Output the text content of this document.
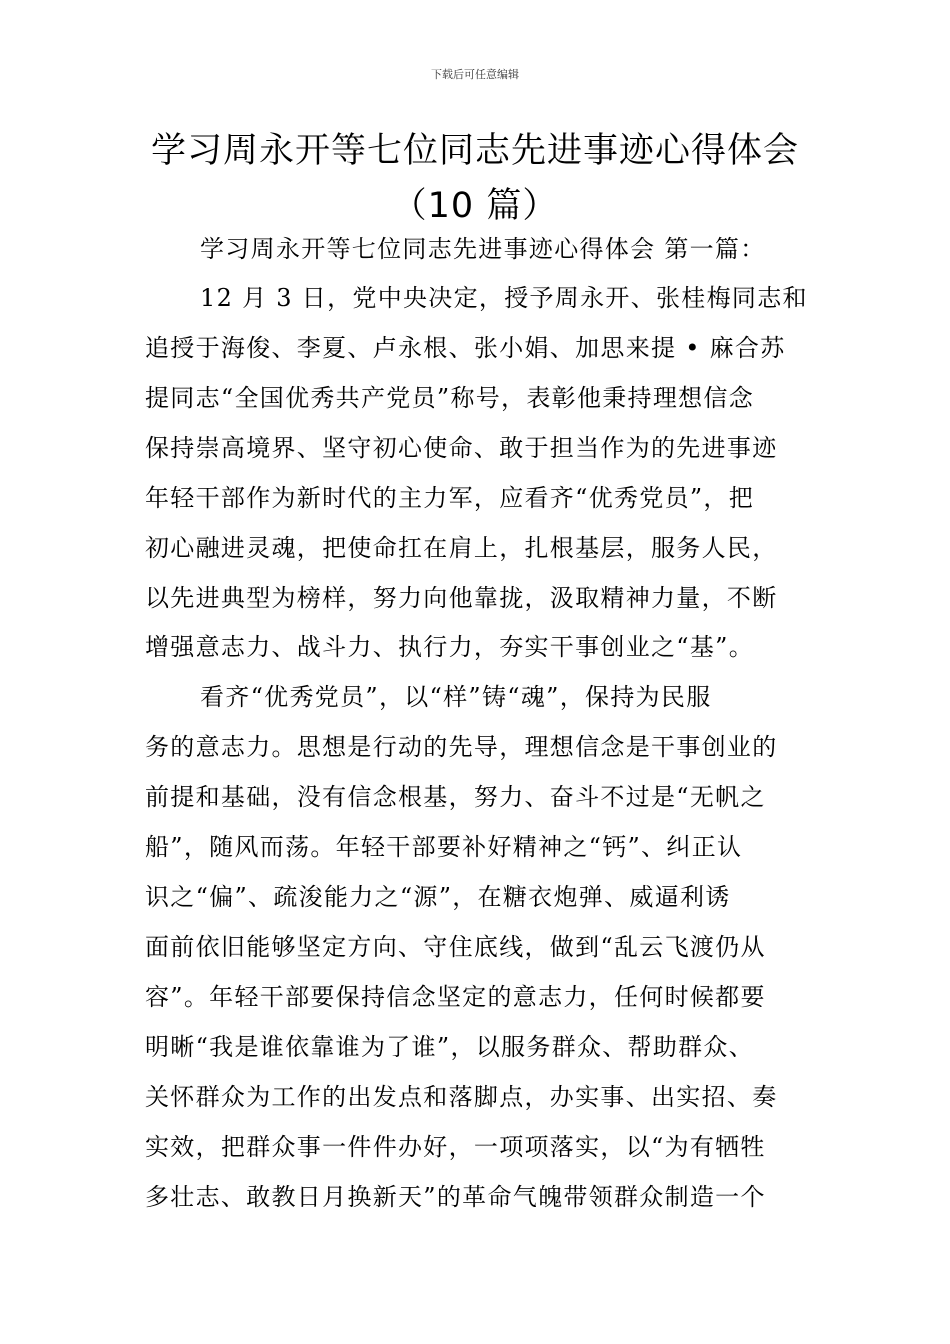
下载后可任意编辑
学习周永开等七位同志先进事迹心得体会
（10 篇）
学习周永开等七位同志先进事迹心得体会 第一篇：
12 月 3 日，党中央决定，授予周永开、张桂梅同志和
追授于海俊、李夏、卢永根、张小娟、加思来提 • 麻合苏
提同志“全国优秀共产党员”称号，表彰他秉持理想信念
保持崇高境界、坚守初心使命、敢于担当作为的先进事迹
年轻干部作为新时代的主力军，应看齐“优秀党员”，把
初心融进灵魂，把使命扛在肩上，扎根基层，服务人民，
以先进典型为榜样，努力向他靠拢，汲取精神力量，不断
增强意志力、战斗力、执行力，夯实干事创业之“基”。
看齐“优秀党员”，以“样”铸“魂”，保持为民服
务的意志力。思想是行动的先导，理想信念是干事创业的
前提和基础，没有信念根基，努力、奋斗不过是“无帆之
船”，随风而荡。年轻干部要补好精神之“钙”、纠正认
识之“偏”、疏浚能力之“源”，在糖衣炮弹、威逼利诱
面前依旧能够坚定方向、守住底线，做到“乱云飞渡仍从
容”。年轻干部要保持信念坚定的意志力，任何时候都要
明晰“我是谁依靠谁为了谁”，以服务群众、帮助群众、
关怀群众为工作的出发点和落脚点，办实事、出实招、奏
实效，把群众事一件件办好，一项项落实，以“为有牺牲
多壮志、敢教日月换新天”的革命气魄带领群众制造一个
